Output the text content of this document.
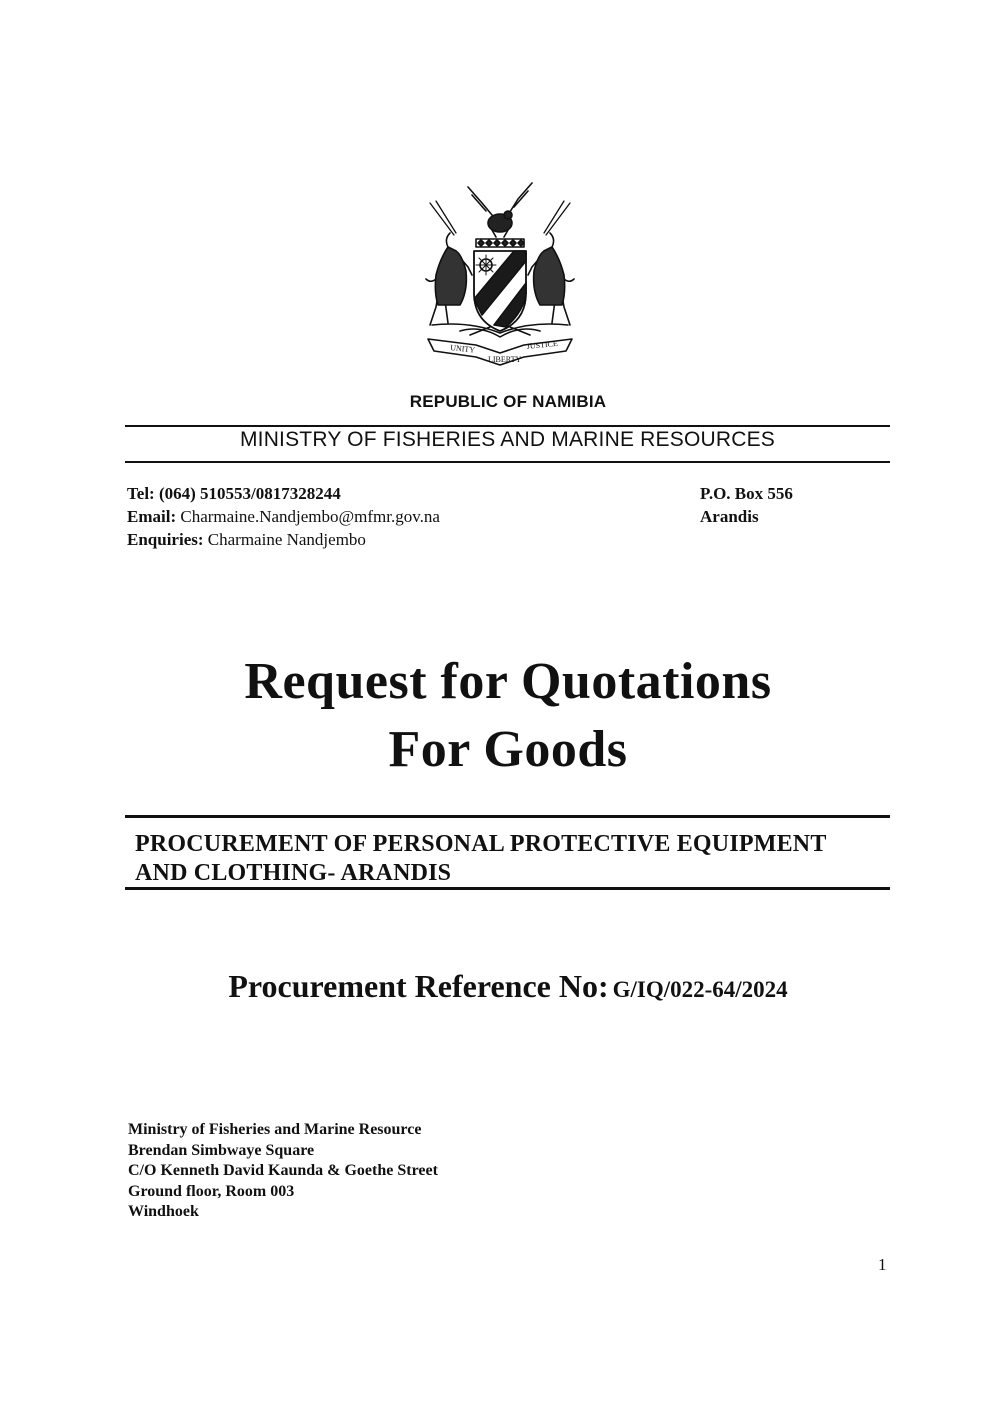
UNITY
LIBERTY
JUSTICE
REPUBLIC OF NAMIBIA
MINISTRY OF FISHERIES AND MARINE RESOURCES
Tel: (064) 510553/0817328244
Email: Charmaine.Nandjembo@mfmr.gov.na
Enquiries: Charmaine Nandjembo
P.O. Box 556
Arandis
Request for Quotations
For Goods
PROCUREMENT OF PERSONAL PROTECTIVE EQUIPMENT
AND CLOTHING- ARANDIS
Procurement Reference No: G/IQ/022-64/2024
Ministry of Fisheries and Marine Resource
Brendan Simbwaye Square
C/O Kenneth David Kaunda & Goethe Street
Ground floor, Room 003
Windhoek
1
